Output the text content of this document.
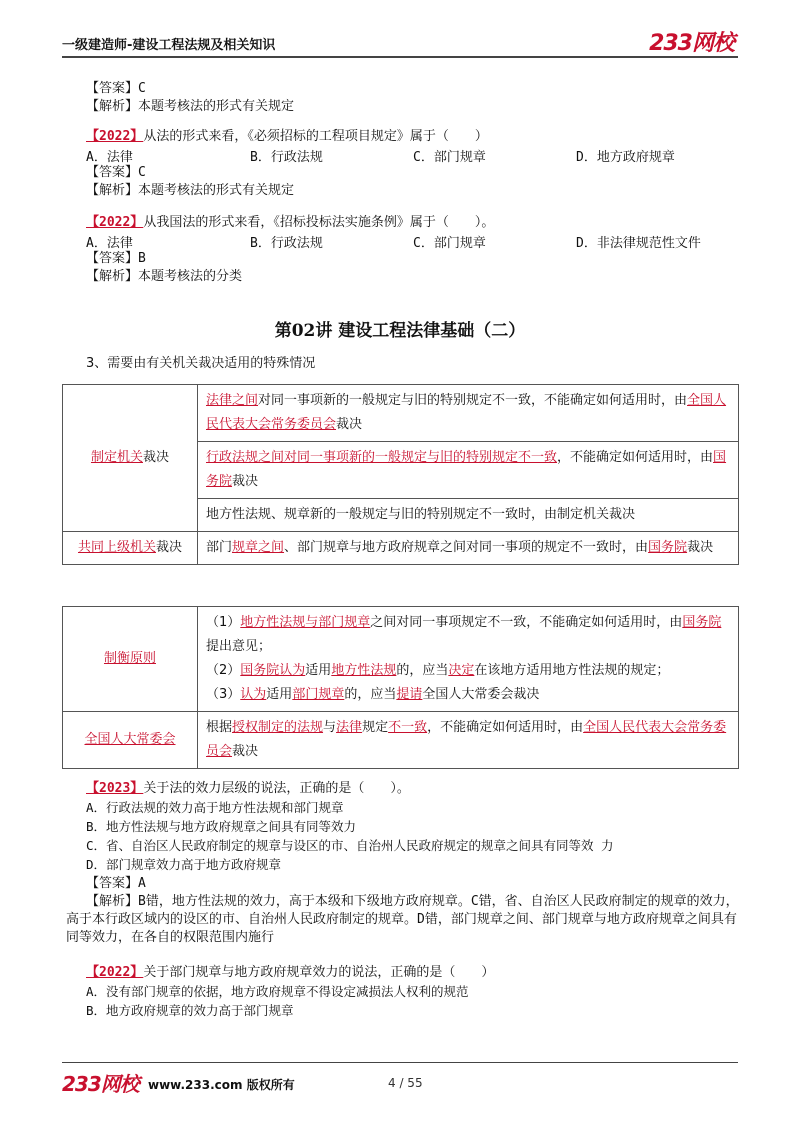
一级建造师-建设工程法规及相关知识	233网校
【答案】C
【解析】本题考核法的形式有关规定
【2022】从法的形式来看，《必须招标的工程项目规定》属于（　　）
A．法律	B．行政法规	C．部门规章	D．地方政府规章
【答案】C
【解析】本题考核法的形式有关规定
【2022】从我国法的形式来看，《招标投标法实施条例》属于（　　）。
A．法律	B．行政法规	C．部门规章	D．非法律规范性文件
【答案】B
【解析】本题考核法的分类
第02讲 建设工程法律基础（二）
3、需要由有关机关裁决适用的特殊情况
制定机关裁决	法律之间对同一事项新的一般规定与旧的特别规定不一致，不能确定如何适用时，由全国人民代表大会常务委员会裁决
	行政法规之间对同一事项新的一般规定与旧的特别规定不一致，不能确定如何适用时，由国务院裁决
	地方性法规、规章新的一般规定与旧的特别规定不一致时，由制定机关裁决
共同上级机关裁决	部门规章之间、部门规章与地方政府规章之间对同一事项的规定不一致时，由国务院裁决
制衡原则	（1）地方性法规与部门规章之间对同一事项规定不一致，不能确定如何适用时，由国务院提出意见；
（2）国务院认为适用地方性法规的，应当决定在该地方适用地方性法规的规定；
（3）认为适用部门规章的，应当提请全国人大常委会裁决

全国人大常委会	根据授权制定的法规与法律规定不一致，不能确定如何适用时，由全国人民代表大会常务委员会裁决
【2023】关于法的效力层级的说法，正确的是（　　）。
A．行政法规的效力高于地方性法规和部门规章
B．地方性法规与地方政府规章之间具有同等效力
C．省、自治区人民政府制定的规章与设区的市、自治州人民政府规定的规章之间具有同等效 力
D．部门规章效力高于地方政府规章
【答案】A
【解析】B错，地方性法规的效力，高于本级和下级地方政府规章。C错，省、自治区人民政府制定的规章的效力，高于本行政区域内的设区的市、自治州人民政府制定的规章。D错，部门规章之间、部门规章与地方政府规章之间具有同等效力，在各自的权限范围内施行
【2022】关于部门规章与地方政府规章效力的说法，正确的是（　　）
A．没有部门规章的依据，地方政府规章不得设定减损法人权利的规范
B．地方政府规章的效力高于部门规章
233网校 www.233.com 版权所有	4 / 55
